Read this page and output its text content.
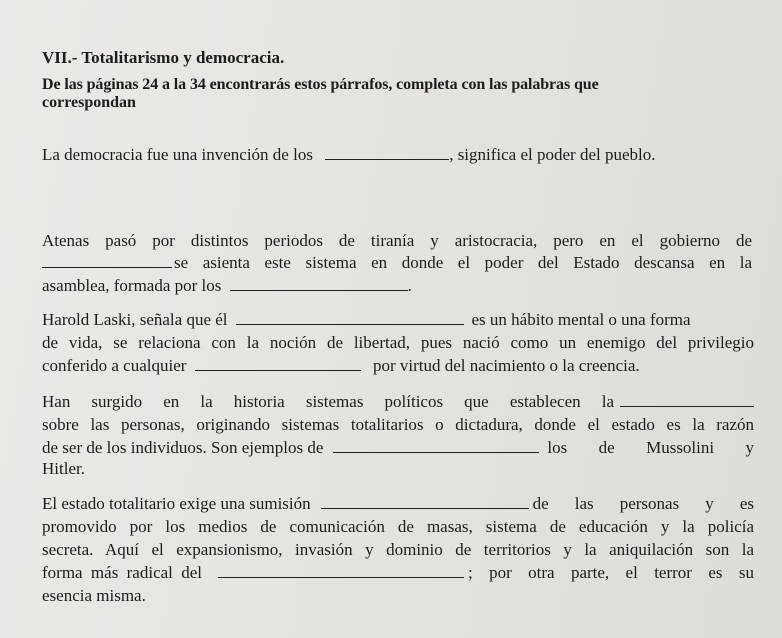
VII.- Totalitarismo y democracia.
De las páginas 24 a la 34 encontrarás estos párrafos, completa con las palabras que
correspondan
La democracia fue una invención de los	, significa el poder del pueblo.
Atenas pasó por distintos periodos de tiranía y aristocracia, pero en el gobierno de
se asienta este sistema en donde el poder del Estado descansa en la
asamblea, formada por los	.
Harold Laski, señala que él	es un hábito mental o una forma
de vida, se relaciona con la noción de libertad, pues nació como un enemigo del privilegio
conferido a cualquier	por virtud del nacimiento o la creencia.
Han surgido en la historia sistemas políticos que establecen la
sobre las personas, originando sistemas totalitarios o dictadura, donde el estado es la razón
de ser de los individuos. Son ejemplos de	los de Mussolini y
Hitler.
El estado totalitario exige una sumisión	de las personas y es
promovido por los medios de comunicación de masas, sistema de educación y la policía
secreta. Aquí el expansionismo, invasión y dominio de territorios y la aniquilación son la
forma más radical del	; por otra parte, el terror es su
esencia misma.
